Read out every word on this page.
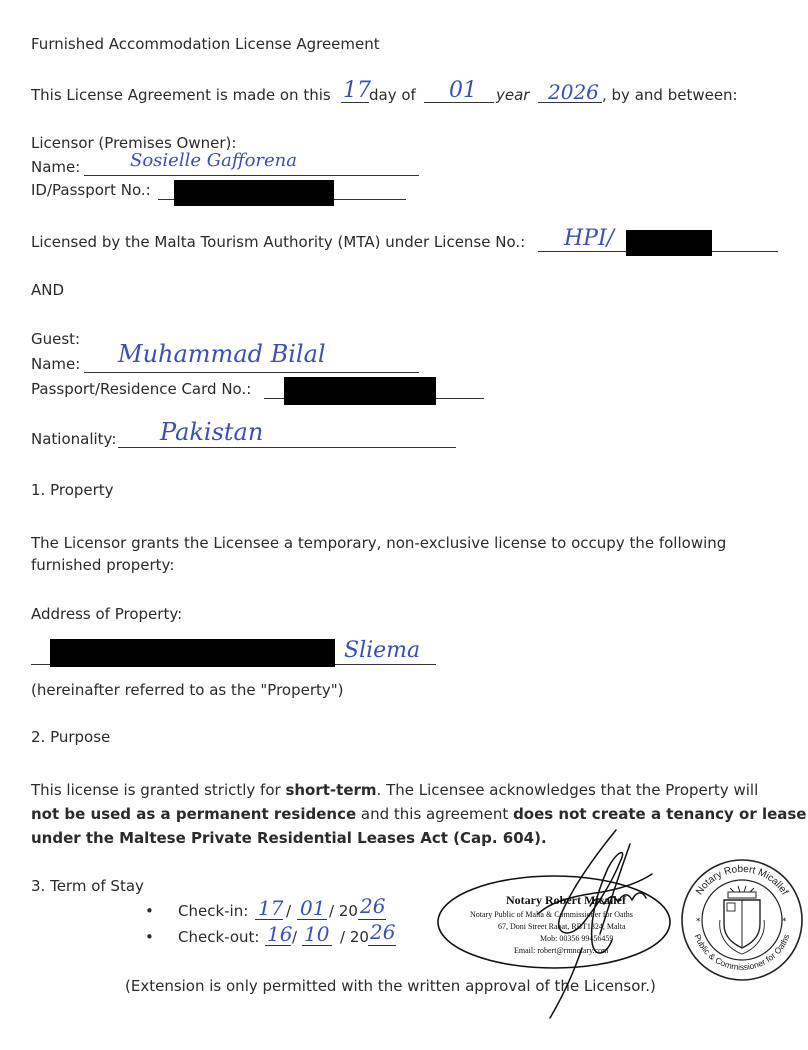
Furnished Accommodation License Agreement
This License Agreement is made on this 17
day of 01 year 2026 , by and between:
Licensor (Premises Owner):
Name:	Sosielle Gafforena
ID/Passport No.:
Licensed by the Malta Tourism Authority (MTA) under License No.: HPI/
AND
Guest:
Name: Muhammad Bilal
Passport/Residence Card No.:
Nationality: Pakistan
1. Property
The Licensor grants the Licensee a temporary, non-exclusive license to occupy the following
furnished property:
Address of Property:
Sliema
(hereinafter referred to as the "Property")
2. Purpose
This license is granted strictly for short-term. The Licensee acknowledges that the Property will
not be used as a permanent residence and this agreement does not create a tenancy or lease
under the Maltese Private Residential Leases Act (Cap. 604).
3. Term of Stay
• Check-in: 17 / 01 / 20 26
• Check-out: 16 / 10 / 20 26
(Extension is only permitted with the written approval of the Licensor.)
Notary Robert Micallef
Notary Public of Malta & Commissioner for Oaths
67, Doni Street Rabat, RBT1324, Malta
Mob: 00356 99456459
Email: robert@rmnotary.com
Notary Robert Micallef
Public & Commissioner for Oaths
*	*
